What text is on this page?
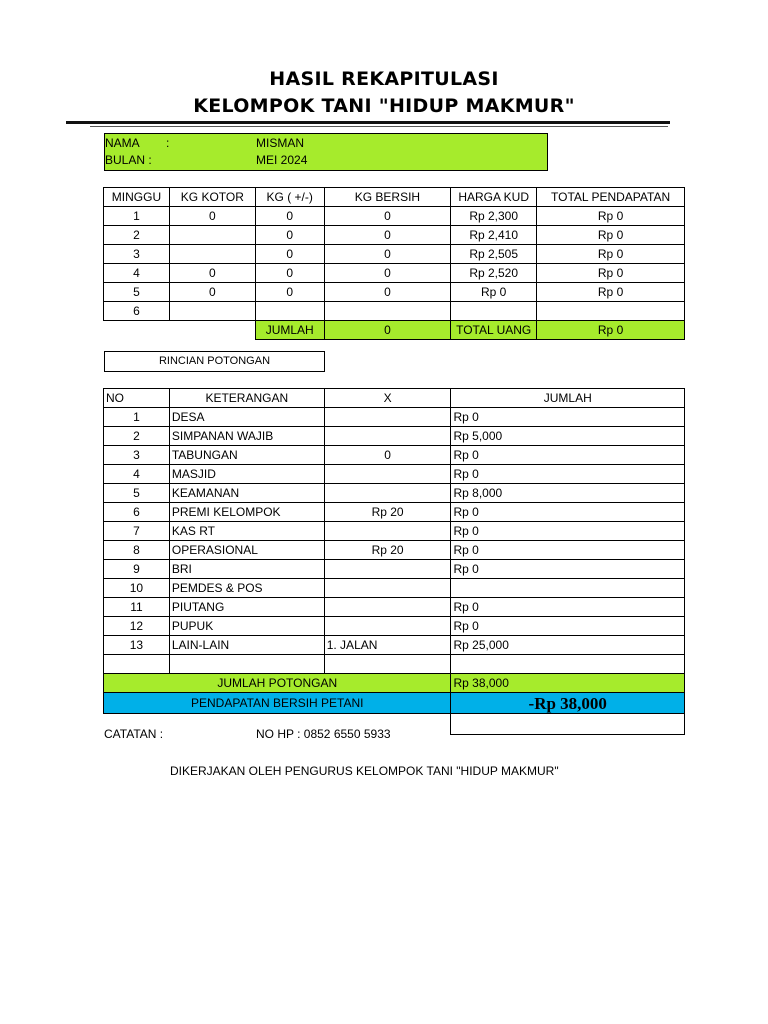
HASIL REKAPITULASI
KELOMPOK TANI "HIDUP MAKMUR"
NAMA :	MISMAN
BULAN :	MEI 2024
MINGGU	KG KOTOR	KG ( +/-)	KG BERSIH	HARGA KUD	TOTAL PENDAPATAN
1	0	0	0	Rp 2,300	Rp 0
2		0	0	Rp 2,410	Rp 0
3		0	0	Rp 2,505	Rp 0
4	0	0	0	Rp 2,520	Rp 0
5	0	0	0	Rp 0	Rp 0
6					
		JUMLAH	0	TOTAL UANG	Rp 0
RINCIAN POTONGAN
NO	KETERANGAN	X	JUMLAH
1	DESA		Rp 0
2	SIMPANAN WAJIB		Rp 5,000
3	TABUNGAN	0	Rp 0
4	MASJID		Rp 0
5	KEAMANAN		Rp 8,000
6	PREMI KELOMPOK	Rp 20	Rp 0
7	KAS RT		Rp 0
8	OPERASIONAL	Rp 20	Rp 0
9	BRI		Rp 0
10	PEMDES & POS		
11	PIUTANG		Rp 0
12	PUPUK		Rp 0
13	LAIN-LAIN	1. JALAN	Rp 25,000

JUMLAH POTONGAN			Rp 38,000
PENDAPATAN BERSIH PETANI			-Rp 38,000

CATATAN :	NO HP : 0852 6550 5933
DIKERJAKAN OLEH PENGURUS KELOMPOK TANI "HIDUP MAKMUR"
